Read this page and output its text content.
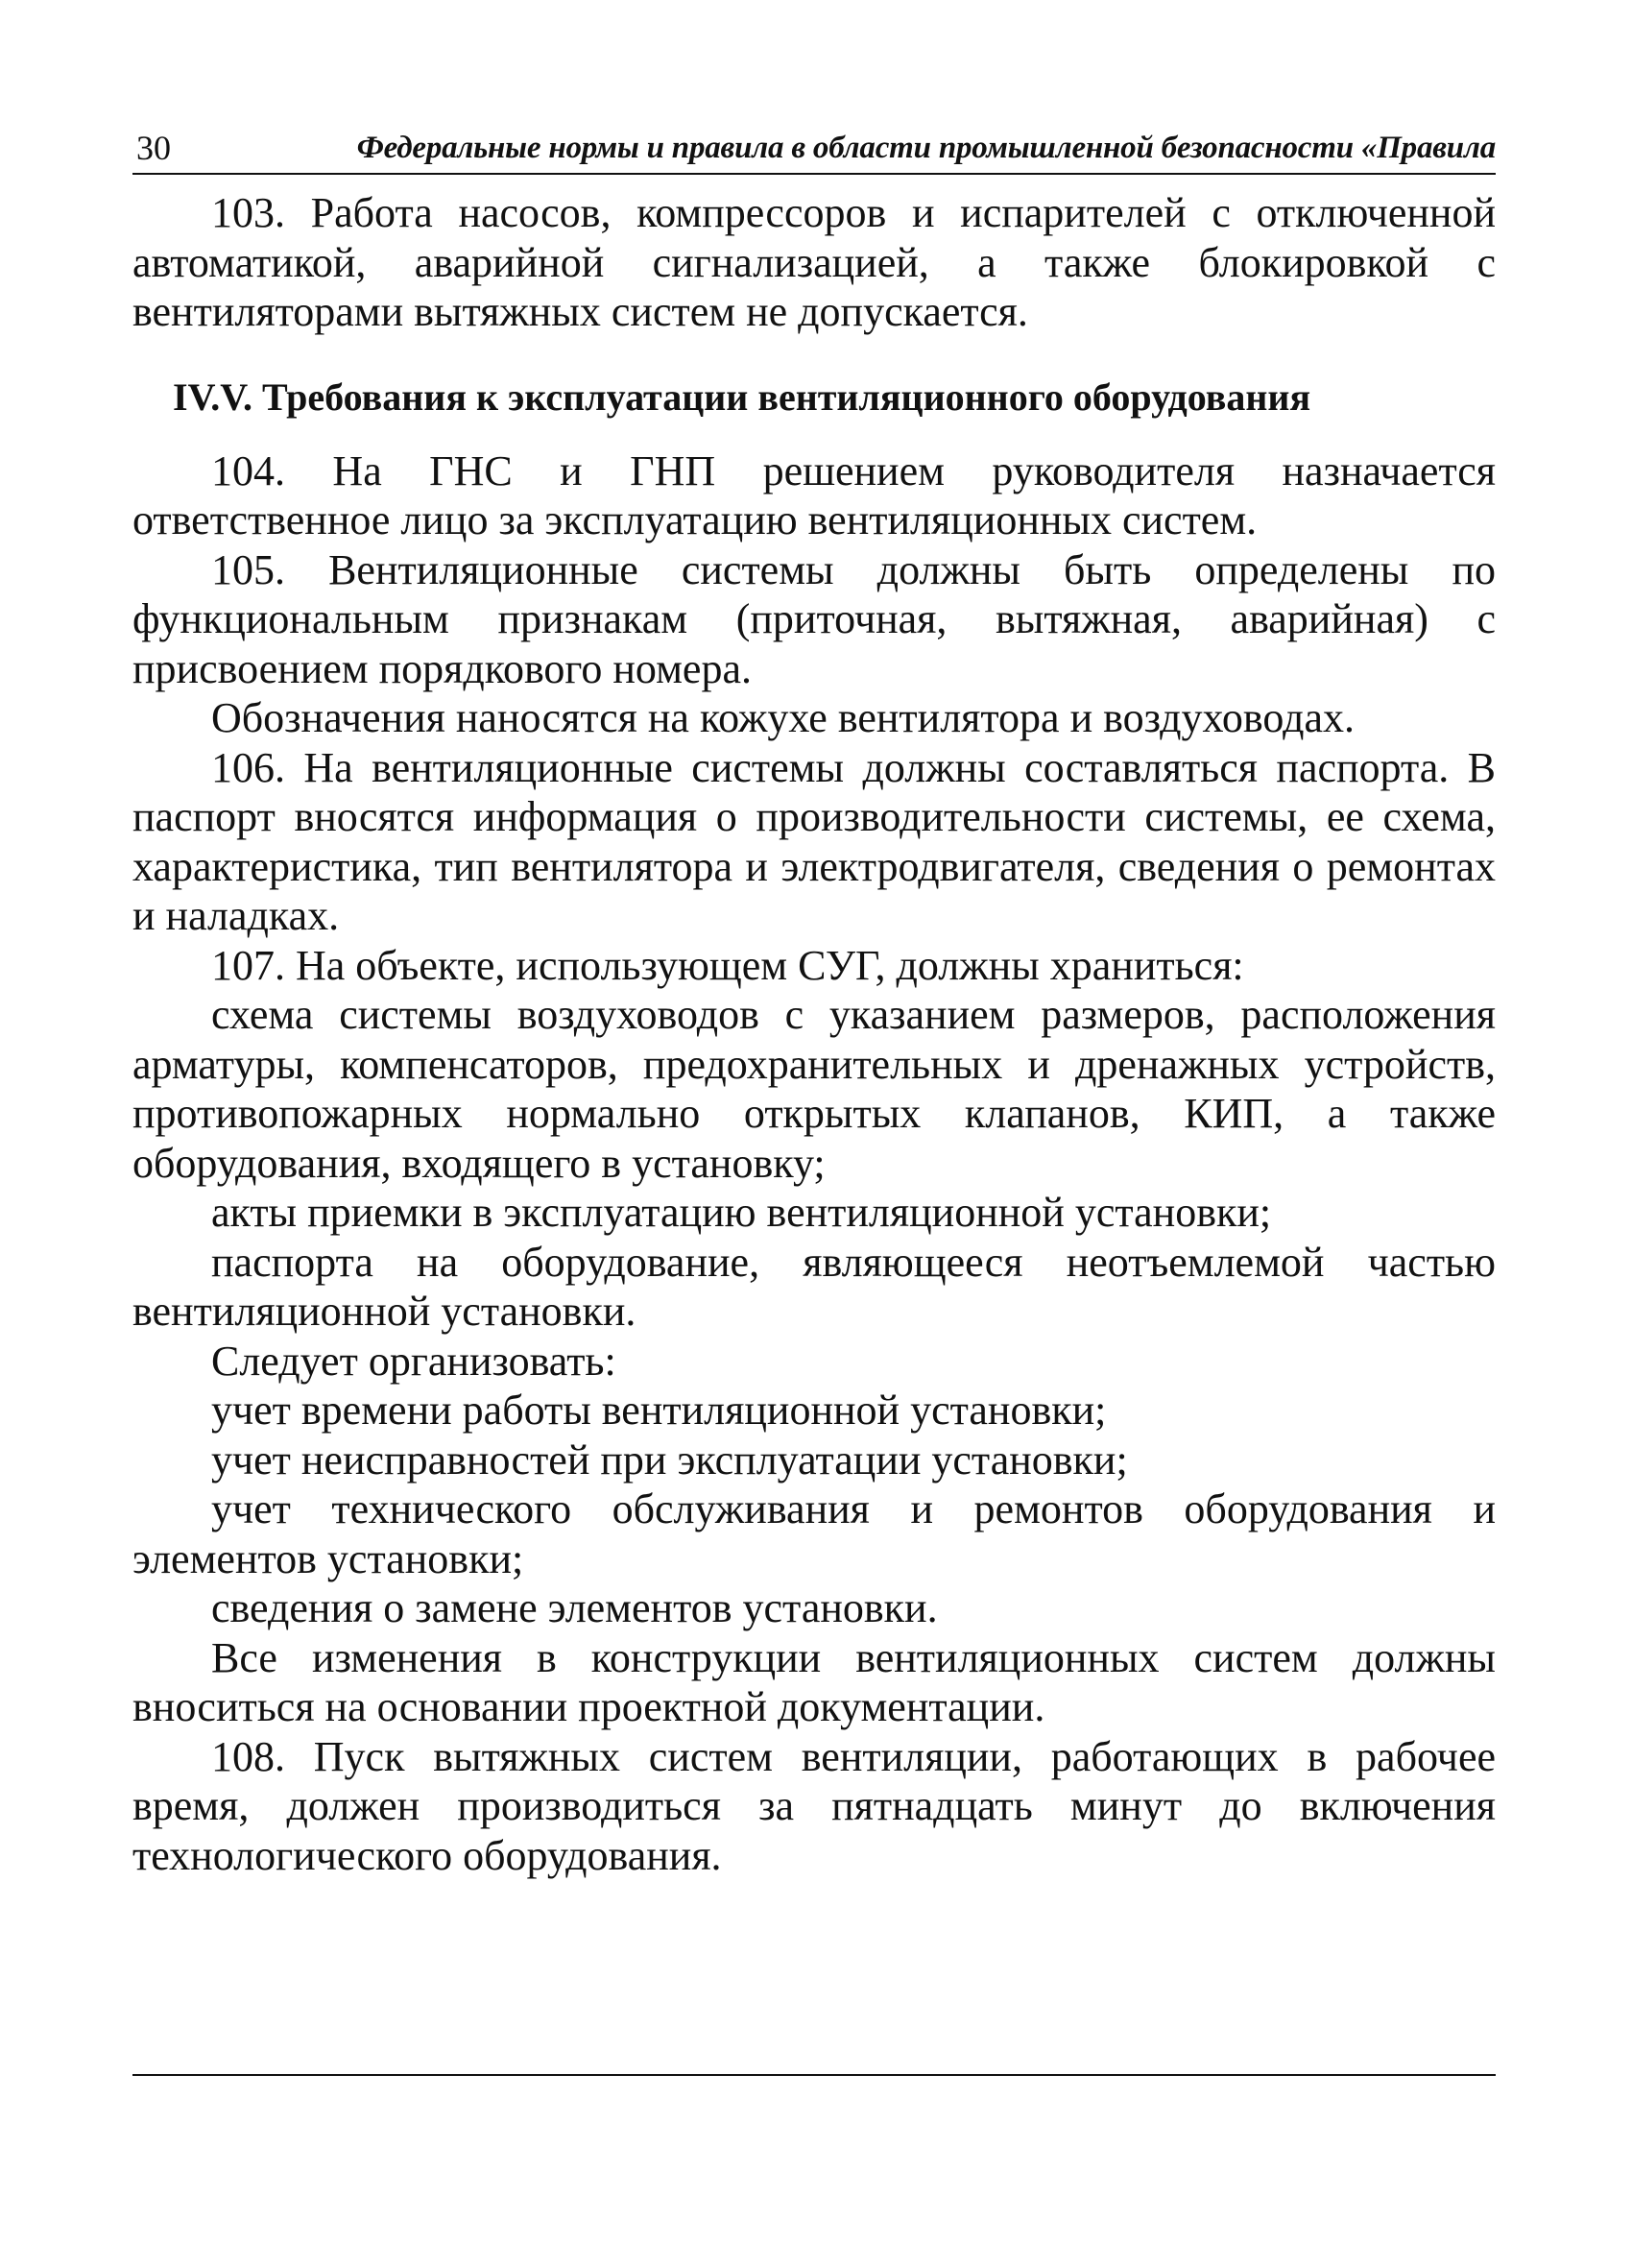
30	Федеральные нормы и правила в области промышленной безопасности «Правила

103. Работа насосов, компрессоров и испарителей с отключенной автоматикой, аварийной сигнализацией, а также блокировкой с вентиляторами вытяжных систем не допускается.

IV.V. Требования к эксплуатации вентиляционного оборудования

104. На ГНС и ГНП решением руководителя назначается ответственное лицо за эксплуатацию вентиляционных систем.

105. Вентиляционные системы должны быть определены по функциональным признакам (приточная, вытяжная, аварийная) с присвоением порядкового номера.

Обозначения наносятся на кожухе вентилятора и воздуховодах.

106. На вентиляционные системы должны составляться паспорта. В паспорт вносятся информация о производительности системы, ее схема, характеристика, тип вентилятора и электродвигателя, сведения о ремонтах и наладках.

107. На объекте, использующем СУГ, должны храниться:

схема системы воздуховодов с указанием размеров, расположения арматуры, компенсаторов, предохранительных и дренажных устройств, противопожарных нормально открытых клапанов, КИП, а также оборудования, входящего в установку;

акты приемки в эксплуатацию вентиляционной установки;

паспорта на оборудование, являющееся неотъемлемой частью вентиляционной установки.

Следует организовать:

учет времени работы вентиляционной установки;

учет неисправностей при эксплуатации установки;

учет технического обслуживания и ремонтов оборудования и элементов установки;

сведения о замене элементов установки.

Все изменения в конструкции вентиляционных систем должны вноситься на основании проектной документации.

108. Пуск вытяжных систем вентиляции, работающих в рабочее время, должен производиться за пятнадцать минут до включения технологического оборудования.
